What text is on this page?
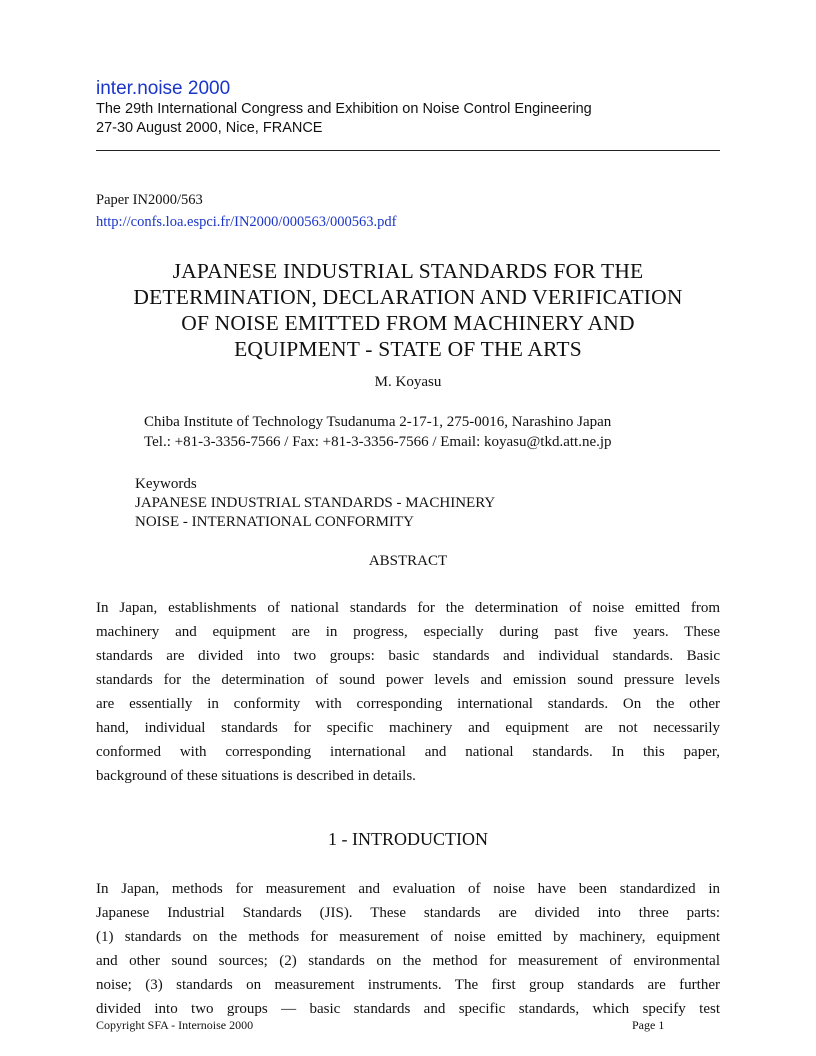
inter.noise 2000
The 29th International Congress and Exhibition on Noise Control Engineering
27-30 August 2000, Nice, FRANCE
Paper IN2000/563
http://confs.loa.espci.fr/IN2000/000563/000563.pdf
JAPANESE INDUSTRIAL STANDARDS FOR THE
DETERMINATION, DECLARATION AND VERIFICATION
OF NOISE EMITTED FROM MACHINERY AND
EQUIPMENT - STATE OF THE ARTS
M. Koyasu
Chiba Institute of Technology Tsudanuma 2-17-1, 275-0016, Narashino Japan
Tel.: +81-3-3356-7566 / Fax: +81-3-3356-7566 / Email: koyasu@tkd.att.ne.jp
Keywords
JAPANESE INDUSTRIAL STANDARDS - MACHINERY
NOISE - INTERNATIONAL CONFORMITY
ABSTRACT
In Japan, establishments of national standards for the determination of noise emitted from
machinery and equipment are in progress, especially during past five years. These
standards are divided into two groups: basic standards and individual standards. Basic
standards for the determination of sound power levels and emission sound pressure levels
are essentially in conformity with corresponding international standards. On the other
hand, individual standards for specific machinery and equipment are not necessarily
conformed with corresponding international and national standards. In this paper,
background of these situations is described in details.
1 - INTRODUCTION
In Japan, methods for measurement and evaluation of noise have been standardized in
Japanese Industrial Standards (JIS). These standards are divided into three parts:
(1) standards on the methods for measurement of noise emitted by machinery, equipment
and other sound sources; (2) standards on the method for measurement of environmental
noise; (3) standards on measurement instruments. The first group standards are further
divided into two groups — basic standards and specific standards, which specify test
Copyright SFA - Internoise 2000	Page 1
